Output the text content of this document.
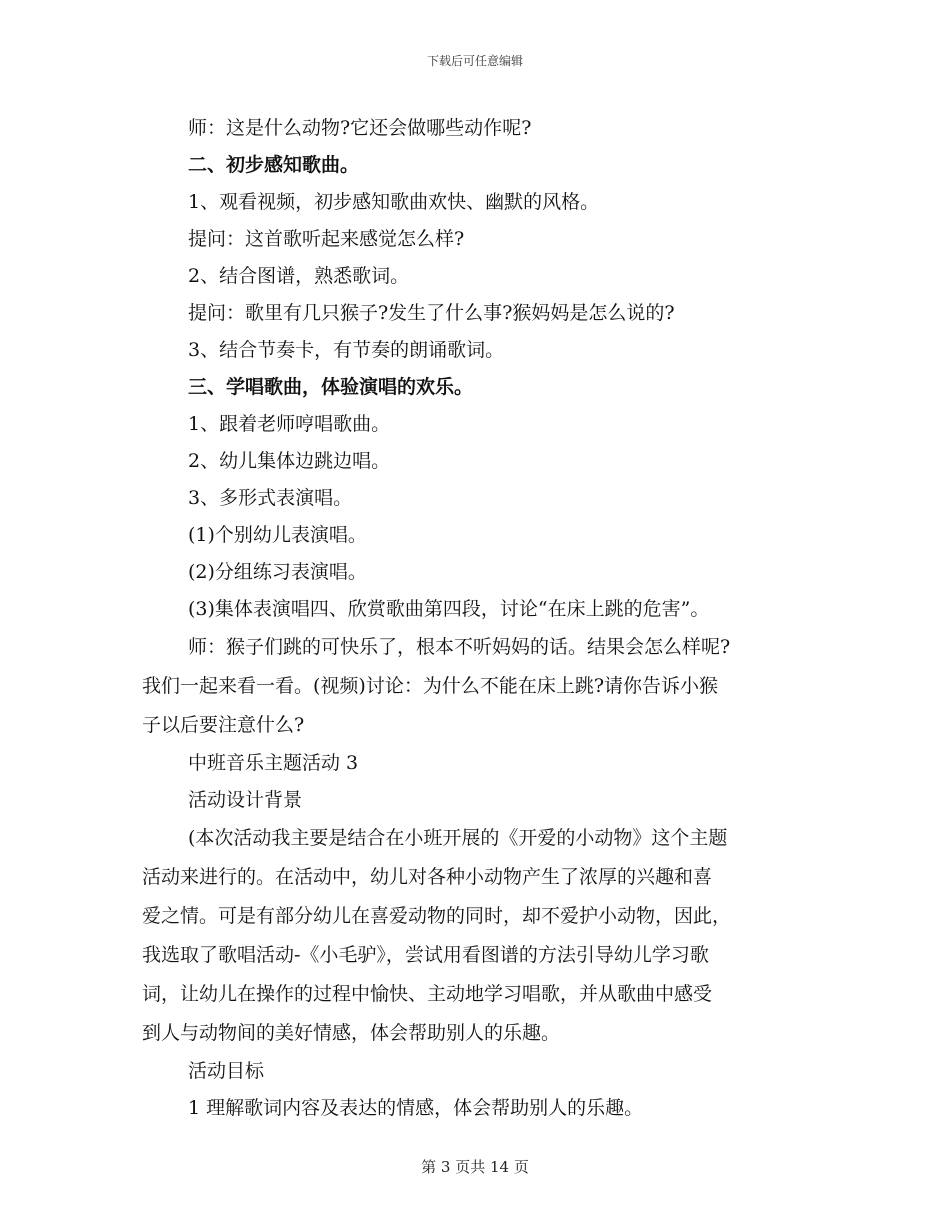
下载后可任意编辑
师：这是什么动物?它还会做哪些动作呢?
二、初步感知歌曲。
1、观看视频，初步感知歌曲欢快、幽默的风格。
提问：这首歌听起来感觉怎么样?
2、结合图谱，熟悉歌词。
提问：歌里有几只猴子?发生了什么事?猴妈妈是怎么说的?
3、结合节奏卡，有节奏的朗诵歌词。
三、学唱歌曲，体验演唱的欢乐。
1、跟着老师哼唱歌曲。
2、幼儿集体边跳边唱。
3、多形式表演唱。
(1)个别幼儿表演唱。
(2)分组练习表演唱。
(3)集体表演唱四、欣赏歌曲第四段，讨论“在床上跳的危害”。

师：猴子们跳的可快乐了，根本不听妈妈的话。结果会怎么样呢?

我们一起来看一看。(视频)讨论：为什么不能在床上跳?请你告诉小猴

子以后要注意什么?

中班音乐主题活动 3
活动设计背景

(本次活动我主要是结合在小班开展的《开爱的小动物》这个主题

活动来进行的。在活动中，幼儿对各种小动物产生了浓厚的兴趣和喜

爱之情。可是有部分幼儿在喜爱动物的同时，却不爱护小动物，因此，

我选取了歌唱活动-《小毛驴》，尝试用看图谱的方法引导幼儿学习歌

词，让幼儿在操作的过程中愉快、主动地学习唱歌，并从歌曲中感受

到人与动物间的美好情感，体会帮助别人的乐趣。

活动目标
1 理解歌词内容及表达的情感，体会帮助别人的乐趣。
第 3 页共 14 页
